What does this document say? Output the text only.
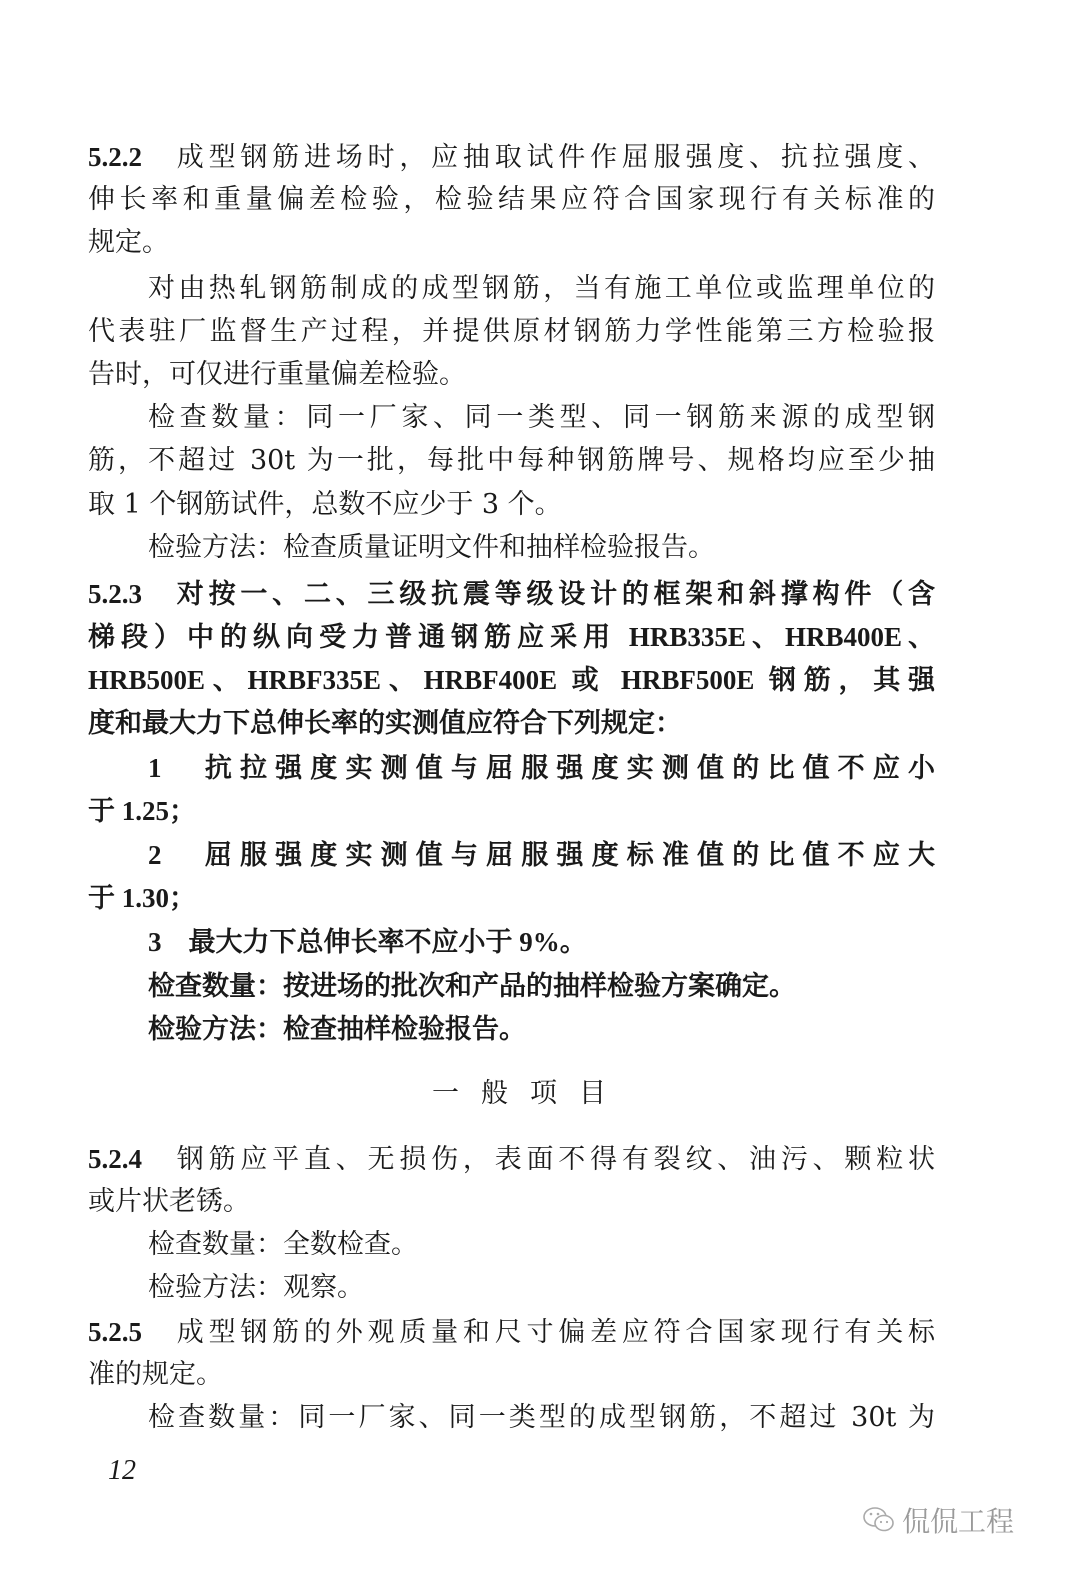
5.2.2 成型钢筋进场时，应抽取试件作屈服强度、抗拉强度、
伸长率和重量偏差检验，检验结果应符合国家现行有关标准的
规定。
对由热轧钢筋制成的成型钢筋，当有施工单位或监理单位的
代表驻厂监督生产过程，并提供原材钢筋力学性能第三方检验报
告时，可仅进行重量偏差检验。
检查数量：同一厂家、同一类型、同一钢筋来源的成型钢
筋，不超过 30t 为一批，每批中每种钢筋牌号、规格均应至少抽
取 1 个钢筋试件，总数不应少于 3 个。
检验方法：检查质量证明文件和抽样检验报告。
5.2.3 对按一、二、三级抗震等级设计的框架和斜撑构件（含
梯段）中的纵向受力普通钢筋应采用 HRB335E、HRB400E、
HRB500E、HRBF335E、HRBF400E 或 HRBF500E 钢筋，其强
度和最大力下总伸长率的实测值应符合下列规定：
1　抗拉强度实测值与屈服强度实测值的比值不应小
于 1.25；
2　屈服强度实测值与屈服强度标准值的比值不应大
于 1.30；
3　最大力下总伸长率不应小于 9%。
检查数量：按进场的批次和产品的抽样检验方案确定。
检验方法：检查抽样检验报告。
一般项目
5.2.4 钢筋应平直、无损伤，表面不得有裂纹、油污、颗粒状
或片状老锈。
检查数量：全数检查。
检验方法：观察。
5.2.5 成型钢筋的外观质量和尺寸偏差应符合国家现行有关标
准的规定。
检查数量：同一厂家、同一类型的成型钢筋，不超过 30t 为
12
侃侃工程
